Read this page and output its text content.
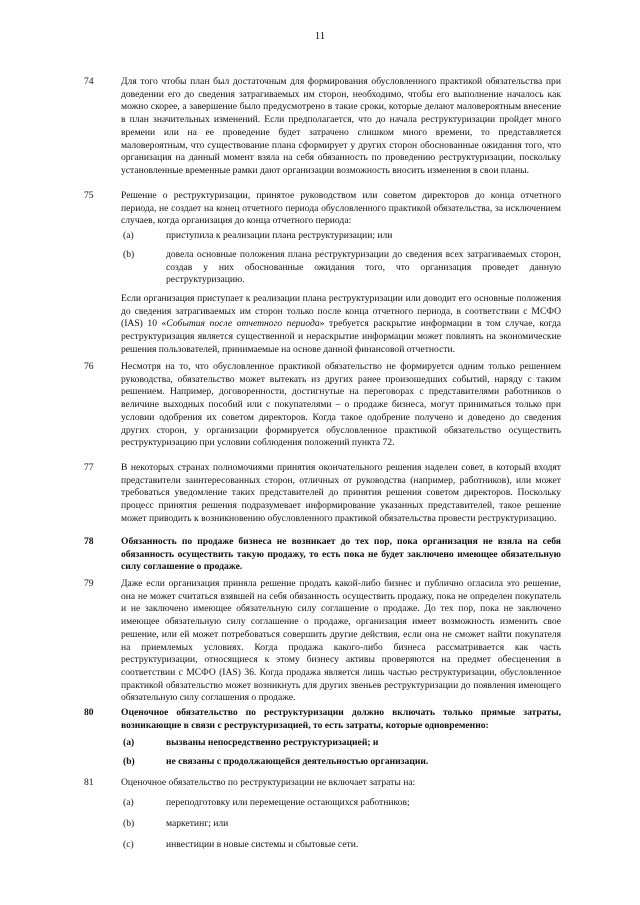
11
74	Для того чтобы план был достаточным для формирования обусловленного практикой обязательства при доведении его до сведения затрагиваемых им сторон, необходимо, чтобы его выполнение началось как можно скорее, а завершение было предусмотрено в такие сроки, которые делают маловероятным внесение в план значительных изменений. Если предполагается, что до начала реструктуризации пройдет много времени или на ее проведение будет затрачено слишком много времени, то представляется маловероятным, что существование плана сформирует у других сторон обоснованные ожидания того, что организация на данный момент взяла на себя обязанность по проведению реструктуризации, поскольку установленные временные рамки дают организации возможность вносить изменения в свои планы.

75	Решение о реструктуризации, принятое руководством или советом директоров до конца отчетного периода, не создает на конец отчетного периода обусловленного практикой обязательства, за исключением случаев, когда организация до конца отчетного периода:

(a)	приступила к реализации плана реструктуризации; или

(b)	довела основные положения плана реструктуризации до сведения всех затрагиваемых сторон, создав у них обоснованные ожидания того, что организация проведет данную реструктуризацию.

Если организация приступает к реализации плана реструктуризации или доводит его основные положения до сведения затрагиваемых им сторон только после конца отчетного периода, в соответствии с МСФО (IAS) 10 «События после отчетного периода» требуется раскрытие информации в том случае, когда реструктуризация является существенной и нераскрытие информации может повлиять на экономические решения пользователей, принимаемые на основе данной финансовой отчетности.

76	Несмотря на то, что обусловленное практикой обязательство не формируется одним только решением руководства, обязательство может вытекать из других ранее произошедших событий, наряду с таким решением. Например, договоренности, достигнутые на переговорах с представителями работников о величине выходных пособий или с покупателями – о продаже бизнеса, могут приниматься только при условии одобрения их советом директоров. Когда такое одобрение получено и доведено до сведения других сторон, у организации формируется обусловленное практикой обязательство осуществить реструктуризацию при условии соблюдения положений пункта 72.

77	В некоторых странах полномочиями принятия окончательного решения наделен совет, в который входят представители заинтересованных сторон, отличных от руководства (например, работников), или может требоваться уведомление таких представителей до принятия решения советом директоров. Поскольку процесс принятия решения подразумевает информирование указанных представителей, такое решение может приводить к возникновению обусловленного практикой обязательства провести реструктуризацию.

78	Обязанность по продаже бизнеса не возникает до тех пор, пока организация не взяла на себя обязанность осуществить такую продажу, то есть пока не будет заключено имеющее обязательную силу соглашение о продаже.

79	Даже если организация приняла решение продать какой-либо бизнес и публично огласила это решение, она не может считаться взявшей на себя обязанность осуществить продажу, пока не определен покупатель и не заключено имеющее обязательную силу соглашение о продаже. До тех пор, пока не заключено имеющее обязательную силу соглашение о продаже, организация имеет возможность изменить свое решение, или ей может потребоваться совершить другие действия, если она не сможет найти покупателя на приемлемых условиях. Когда продажа какого-либо бизнеса рассматривается как часть реструктуризации, относящиеся к этому бизнесу активы проверяются на предмет обесценения в соответствии с МСФО (IAS) 36. Когда продажа является лишь частью реструктуризации, обусловленное практикой обязательство может возникнуть для других звеньев реструктуризации до появления имеющего обязательную силу соглашения о продаже.

80	Оценочное обязательство по реструктуризации должно включать только прямые затраты, возникающие в связи с реструктуризацией, то есть затраты, которые одновременно:

(a)	вызваны непосредственно реструктуризацией; и

(b)	не связаны с продолжающейся деятельностью организации.

81	Оценочное обязательство по реструктуризации не включает затраты на:

(a)	переподготовку или перемещение остающихся работников;

(b)	маркетинг; или

(c)	инвестиции в новые системы и сбытовые сети.
